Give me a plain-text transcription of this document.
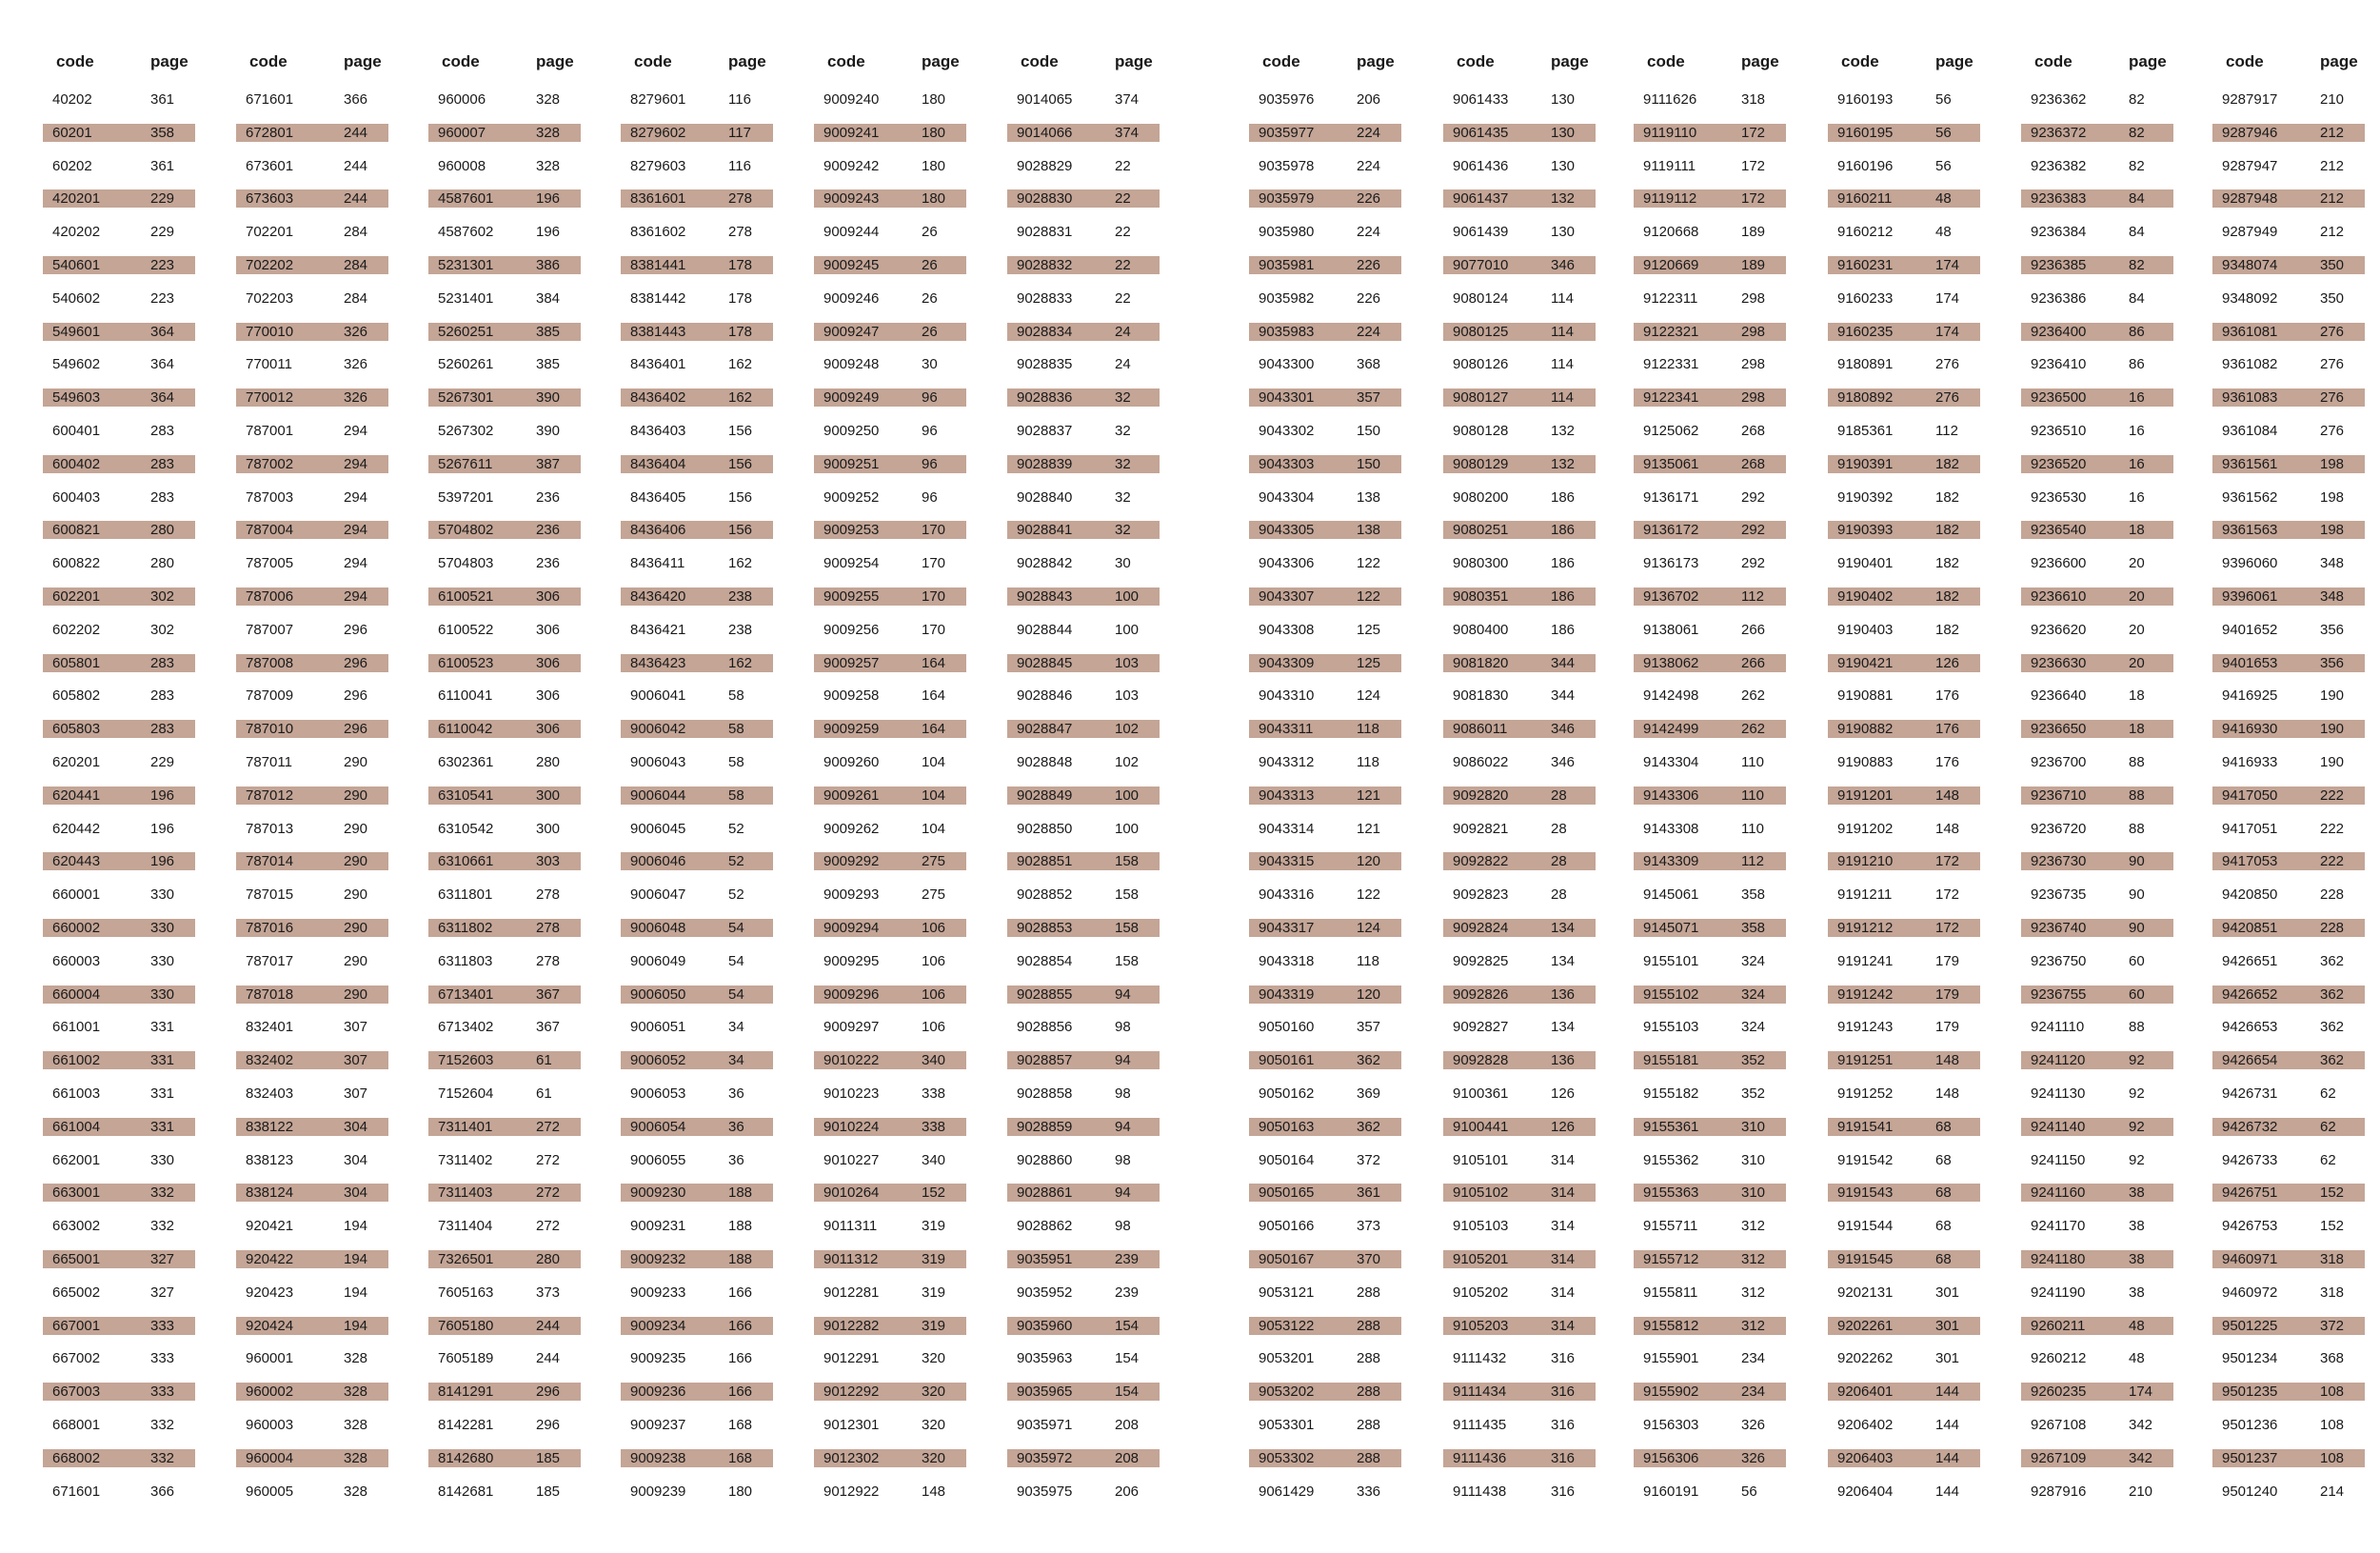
code	page
40202	361
60201	358
60202	361
420201	229
420202	229
540601	223
540602	223
549601	364
549602	364
549603	364
600401	283
600402	283
600403	283
600821	280
600822	280
602201	302
602202	302
605801	283
605802	283
605803	283
620201	229
620441	196
620442	196
620443	196
660001	330
660002	330
660003	330
660004	330
661001	331
661002	331
661003	331
661004	331
662001	330
663001	332
663002	332
665001	327
665002	327
667001	333
667002	333
667003	333
668001	332
668002	332
671601	366
code	page
671601	366
672801	244
673601	244
673603	244
702201	284
702202	284
702203	284
770010	326
770011	326
770012	326
787001	294
787002	294
787003	294
787004	294
787005	294
787006	294
787007	296
787008	296
787009	296
787010	296
787011	290
787012	290
787013	290
787014	290
787015	290
787016	290
787017	290
787018	290
832401	307
832402	307
832403	307
838122	304
838123	304
838124	304
920421	194
920422	194
920423	194
920424	194
960001	328
960002	328
960003	328
960004	328
960005	328
code	page
960006	328
960007	328
960008	328
4587601	196
4587602	196
5231301	386
5231401	384
5260251	385
5260261	385
5267301	390
5267302	390
5267611	387
5397201	236
5704802	236
5704803	236
6100521	306
6100522	306
6100523	306
6110041	306
6110042	306
6302361	280
6310541	300
6310542	300
6310661	303
6311801	278
6311802	278
6311803	278
6713401	367
6713402	367
7152603	61
7152604	61
7311401	272
7311402	272
7311403	272
7311404	272
7326501	280
7605163	373
7605180	244
7605189	244
8141291	296
8142281	296
8142680	185
8142681	185
code	page
8279601	116
8279602	117
8279603	116
8361601	278
8361602	278
8381441	178
8381442	178
8381443	178
8436401	162
8436402	162
8436403	156
8436404	156
8436405	156
8436406	156
8436411	162
8436420	238
8436421	238
8436423	162
9006041	58
9006042	58
9006043	58
9006044	58
9006045	52
9006046	52
9006047	52
9006048	54
9006049	54
9006050	54
9006051	34
9006052	34
9006053	36
9006054	36
9006055	36
9009230	188
9009231	188
9009232	188
9009233	166
9009234	166
9009235	166
9009236	166
9009237	168
9009238	168
9009239	180
code	page
9009240	180
9009241	180
9009242	180
9009243	180
9009244	26
9009245	26
9009246	26
9009247	26
9009248	30
9009249	96
9009250	96
9009251	96
9009252	96
9009253	170
9009254	170
9009255	170
9009256	170
9009257	164
9009258	164
9009259	164
9009260	104
9009261	104
9009262	104
9009292	275
9009293	275
9009294	106
9009295	106
9009296	106
9009297	106
9010222	340
9010223	338
9010224	338
9010227	340
9010264	152
9011311	319
9011312	319
9012281	319
9012282	319
9012291	320
9012292	320
9012301	320
9012302	320
9012922	148
code	page
9014065	374
9014066	374
9028829	22
9028830	22
9028831	22
9028832	22
9028833	22
9028834	24
9028835	24
9028836	32
9028837	32
9028839	32
9028840	32
9028841	32
9028842	30
9028843	100
9028844	100
9028845	103
9028846	103
9028847	102
9028848	102
9028849	100
9028850	100
9028851	158
9028852	158
9028853	158
9028854	158
9028855	94
9028856	98
9028857	94
9028858	98
9028859	94
9028860	98
9028861	94
9028862	98
9035951	239
9035952	239
9035960	154
9035963	154
9035965	154
9035971	208
9035972	208
9035975	206
code	page
9035976	206
9035977	224
9035978	224
9035979	226
9035980	224
9035981	226
9035982	226
9035983	224
9043300	368
9043301	357
9043302	150
9043303	150
9043304	138
9043305	138
9043306	122
9043307	122
9043308	125
9043309	125
9043310	124
9043311	118
9043312	118
9043313	121
9043314	121
9043315	120
9043316	122
9043317	124
9043318	118
9043319	120
9050160	357
9050161	362
9050162	369
9050163	362
9050164	372
9050165	361
9050166	373
9050167	370
9053121	288
9053122	288
9053201	288
9053202	288
9053301	288
9053302	288
9061429	336
code	page
9061433	130
9061435	130
9061436	130
9061437	132
9061439	130
9077010	346
9080124	114
9080125	114
9080126	114
9080127	114
9080128	132
9080129	132
9080200	186
9080251	186
9080300	186
9080351	186
9080400	186
9081820	344
9081830	344
9086011	346
9086022	346
9092820	28
9092821	28
9092822	28
9092823	28
9092824	134
9092825	134
9092826	136
9092827	134
9092828	136
9100361	126
9100441	126
9105101	314
9105102	314
9105103	314
9105201	314
9105202	314
9105203	314
9111432	316
9111434	316
9111435	316
9111436	316
9111438	316
code	page
9111626	318
9119110	172
9119111	172
9119112	172
9120668	189
9120669	189
9122311	298
9122321	298
9122331	298
9122341	298
9125062	268
9135061	268
9136171	292
9136172	292
9136173	292
9136702	112
9138061	266
9138062	266
9142498	262
9142499	262
9143304	110
9143306	110
9143308	110
9143309	112
9145061	358
9145071	358
9155101	324
9155102	324
9155103	324
9155181	352
9155182	352
9155361	310
9155362	310
9155363	310
9155711	312
9155712	312
9155811	312
9155812	312
9155901	234
9155902	234
9156303	326
9156306	326
9160191	56
code	page
9160193	56
9160195	56
9160196	56
9160211	48
9160212	48
9160231	174
9160233	174
9160235	174
9180891	276
9180892	276
9185361	112
9190391	182
9190392	182
9190393	182
9190401	182
9190402	182
9190403	182
9190421	126
9190881	176
9190882	176
9190883	176
9191201	148
9191202	148
9191210	172
9191211	172
9191212	172
9191241	179
9191242	179
9191243	179
9191251	148
9191252	148
9191541	68
9191542	68
9191543	68
9191544	68
9191545	68
9202131	301
9202261	301
9202262	301
9206401	144
9206402	144
9206403	144
9206404	144
code	page
9236362	82
9236372	82
9236382	82
9236383	84
9236384	84
9236385	82
9236386	84
9236400	86
9236410	86
9236500	16
9236510	16
9236520	16
9236530	16
9236540	18
9236600	20
9236610	20
9236620	20
9236630	20
9236640	18
9236650	18
9236700	88
9236710	88
9236720	88
9236730	90
9236735	90
9236740	90
9236750	60
9236755	60
9241110	88
9241120	92
9241130	92
9241140	92
9241150	92
9241160	38
9241170	38
9241180	38
9241190	38
9260211	48
9260212	48
9260235	174
9267108	342
9267109	342
9287916	210
code	page
9287917	210
9287946	212
9287947	212
9287948	212
9287949	212
9348074	350
9348092	350
9361081	276
9361082	276
9361083	276
9361084	276
9361561	198
9361562	198
9361563	198
9396060	348
9396061	348
9401652	356
9401653	356
9416925	190
9416930	190
9416933	190
9417050	222
9417051	222
9417053	222
9420850	228
9420851	228
9426651	362
9426652	362
9426653	362
9426654	362
9426731	62
9426732	62
9426733	62
9426751	152
9426753	152
9460971	318
9460972	318
9501225	372
9501234	368
9501235	108
9501236	108
9501237	108
9501240	214
